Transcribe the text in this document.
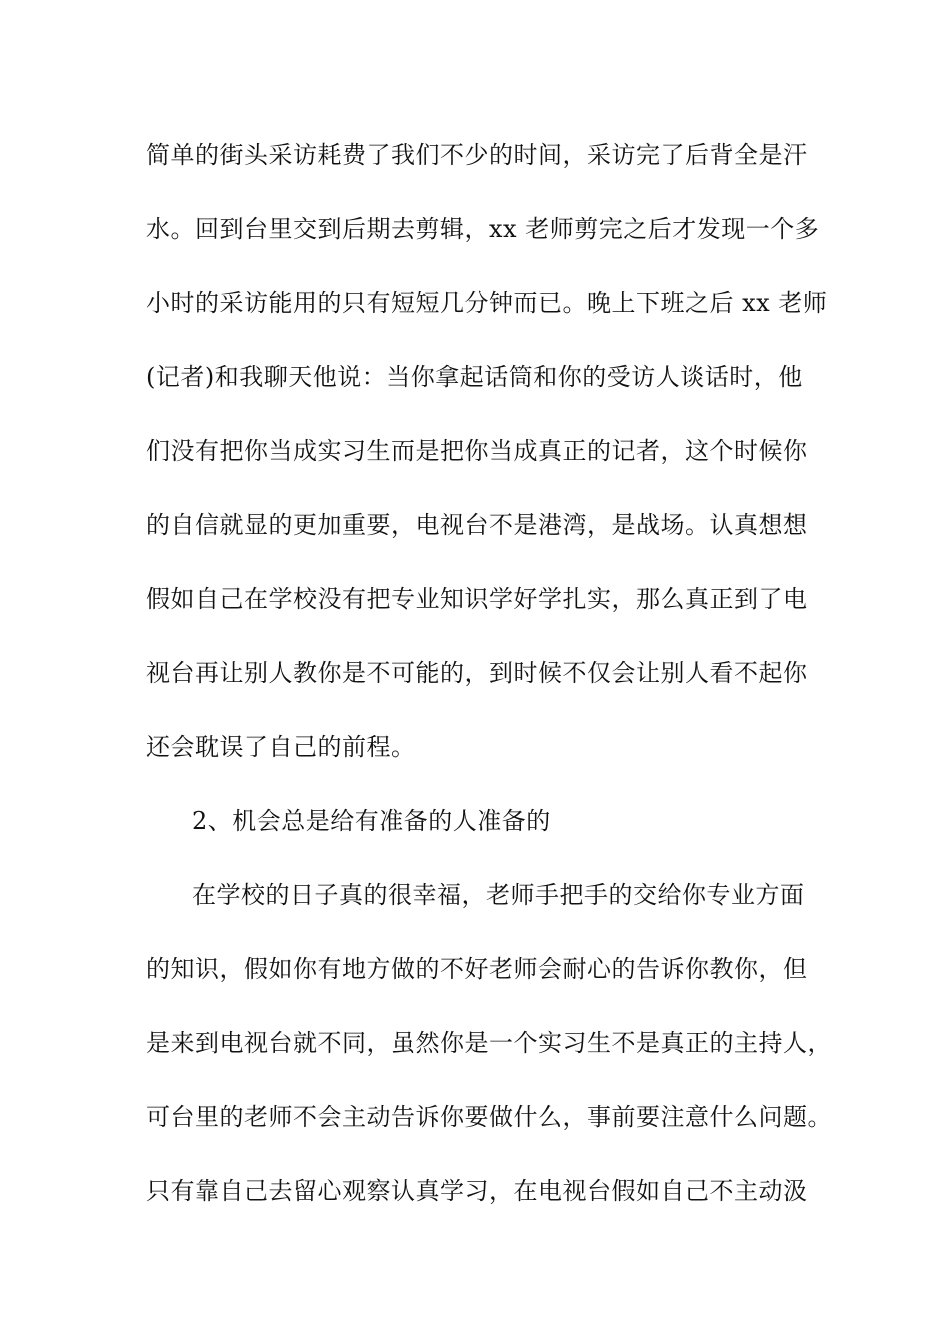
简单的街头采访耗费了我们不少的时间，采访完了后背全是汗
水。回到台里交到后期去剪辑，xx 老师剪完之后才发现一个多
小时的采访能用的只有短短几分钟而已。晚上下班之后 xx 老师
(记者)和我聊天他说：当你拿起话筒和你的受访人谈话时，他
们没有把你当成实习生而是把你当成真正的记者，这个时候你
的自信就显的更加重要，电视台不是港湾，是战场。认真想想
假如自己在学校没有把专业知识学好学扎实，那么真正到了电
视台再让别人教你是不可能的，到时候不仅会让别人看不起你
还会耽误了自己的前程。
2、机会总是给有准备的人准备的
在学校的日子真的很幸福，老师手把手的交给你专业方面
的知识，假如你有地方做的不好老师会耐心的告诉你教你，但
是来到电视台就不同，虽然你是一个实习生不是真正的主持人，
可台里的老师不会主动告诉你要做什么，事前要注意什么问题。
只有靠自己去留心观察认真学习，在电视台假如自己不主动汲
